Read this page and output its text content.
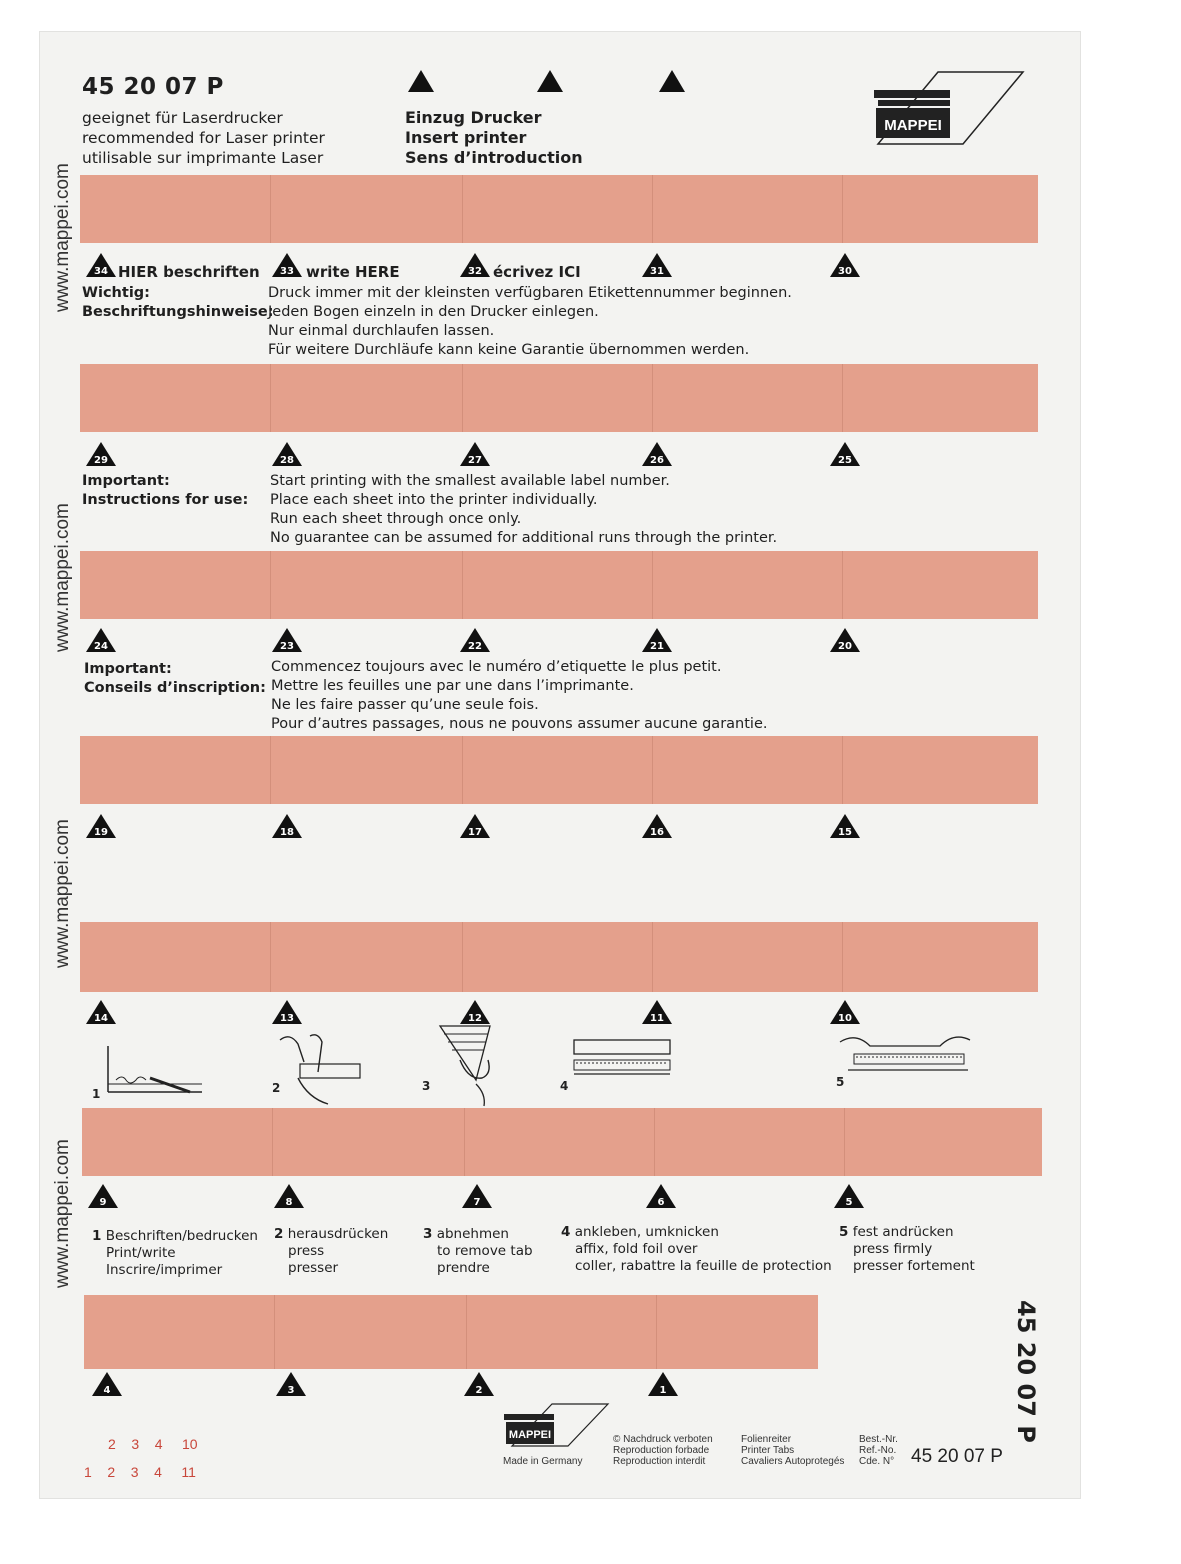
45 20 07 P
geeignet für Laserdrucker
recommended for Laser printer
utilisable sur imprimante Laser
Einzug Drucker
Insert printer
Sens d’introduction
MAPPEI
www.mappei.com
www.mappei.com
www.mappei.com
www.mappei.com
34	33	32	31	30
29	28	27	26	25
24	23	22	21	20
19	18	17	16	15
14	13	12	11	10
9	8	7	6	5
4	3	2	1
HIER beschriften	write HERE	écrivez ICI
Wichtig:
Beschriftungshinweise:
Druck immer mit der kleinsten verfügbaren Etikettennummer beginnen.
Jeden Bogen einzeln in den Drucker einlegen.
Nur einmal durchlaufen lassen.
Für weitere Durchläufe kann keine Garantie übernommen werden.
Important:
Instructions for use:
Start printing with the smallest available label number.
Place each sheet into the printer individually.
Run each sheet through once only.
No guarantee can be assumed for additional runs through the printer.
Important:
Conseils d’inscription:
Commencez toujours avec le numéro d’etiquette le plus petit.
Mettre les feuilles une par une dans l’imprimante.
Ne les faire passer qu’une seule fois.
Pour d’autres passages, nous ne pouvons assumer aucune garantie.
1	2	3	4	5
1 Beschriften/bedrucken
Print/write
Inscrire/imprimer
2 herausdrücken
press
presser
3 abnehmen
to remove tab
prendre
4 ankleben, umknicken
affix, fold foil over
coller, rabattre la feuille de protection
5 fest andrücken
press firmly
presser fortement
45 20 07 P
MAPPEI
Made in Germany
© Nachdruck verboten
Reproduction forbade
Reproduction interdit
Folienreiter
Printer Tabs
Cavaliers Autoprotegés
Best.-Nr.
Ref.-No.
Cde. N° 45 20 07 P
2 3 4 10
1 2 3 4 11
